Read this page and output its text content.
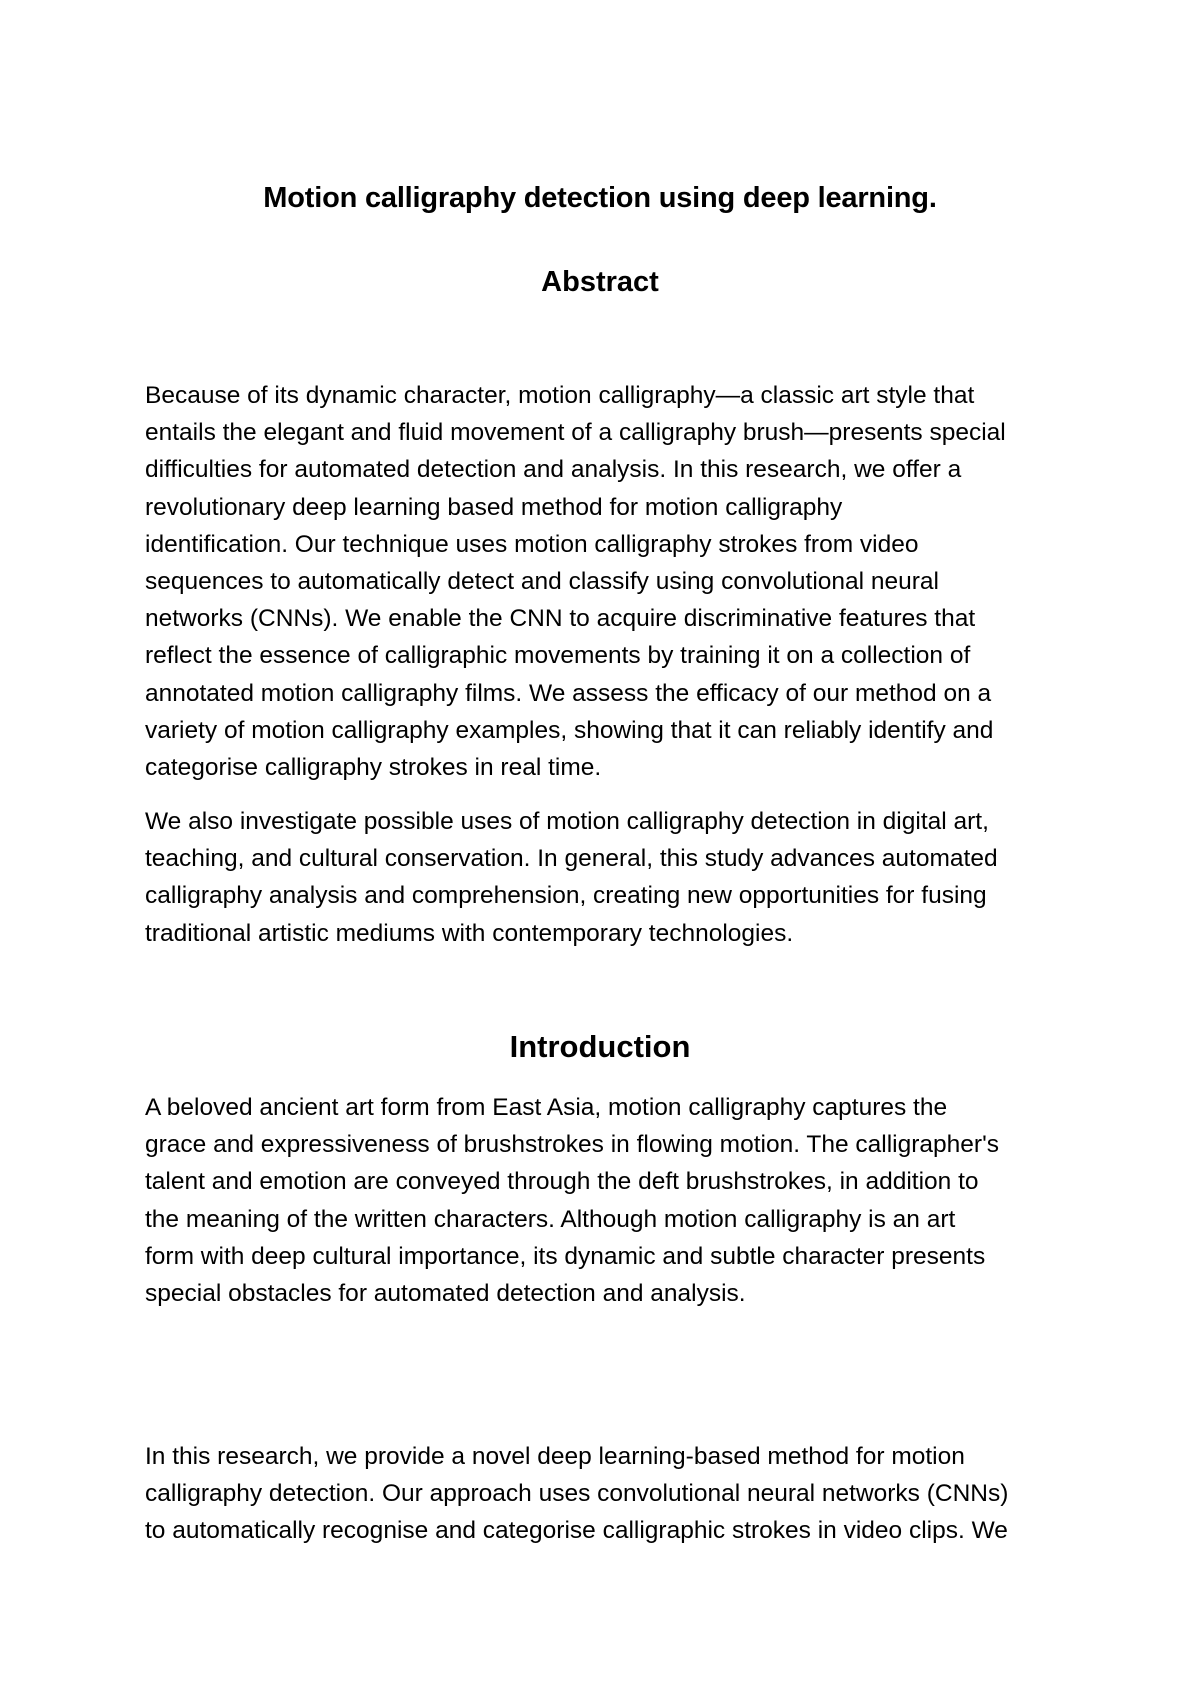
Motion calligraphy detection using deep learning.
Abstract

Because of its dynamic character, motion calligraphy—a classic art style that
entails the elegant and fluid movement of a calligraphy brush—presents special
difficulties for automated detection and analysis. In this research, we offer a
revolutionary deep learning based method for motion calligraphy
identification. Our technique uses motion calligraphy strokes from video
sequences to automatically detect and classify using convolutional neural
networks (CNNs). We enable the CNN to acquire discriminative features that
reflect the essence of calligraphic movements by training it on a collection of
annotated motion calligraphy films. We assess the efficacy of our method on a
variety of motion calligraphy examples, showing that it can reliably identify and
categorise calligraphy strokes in real time.

We also investigate possible uses of motion calligraphy detection in digital art,
teaching, and cultural conservation. In general, this study advances automated
calligraphy analysis and comprehension, creating new opportunities for fusing
traditional artistic mediums with contemporary technologies.

Introduction

A beloved ancient art form from East Asia, motion calligraphy captures the
grace and expressiveness of brushstrokes in flowing motion. The calligrapher's
talent and emotion are conveyed through the deft brushstrokes, in addition to
the meaning of the written characters. Although motion calligraphy is an art
form with deep cultural importance, its dynamic and subtle character presents
special obstacles for automated detection and analysis.

In this research, we provide a novel deep learning-based method for motion
calligraphy detection. Our approach uses convolutional neural networks (CNNs)
to automatically recognise and categorise calligraphic strokes in video clips. We
